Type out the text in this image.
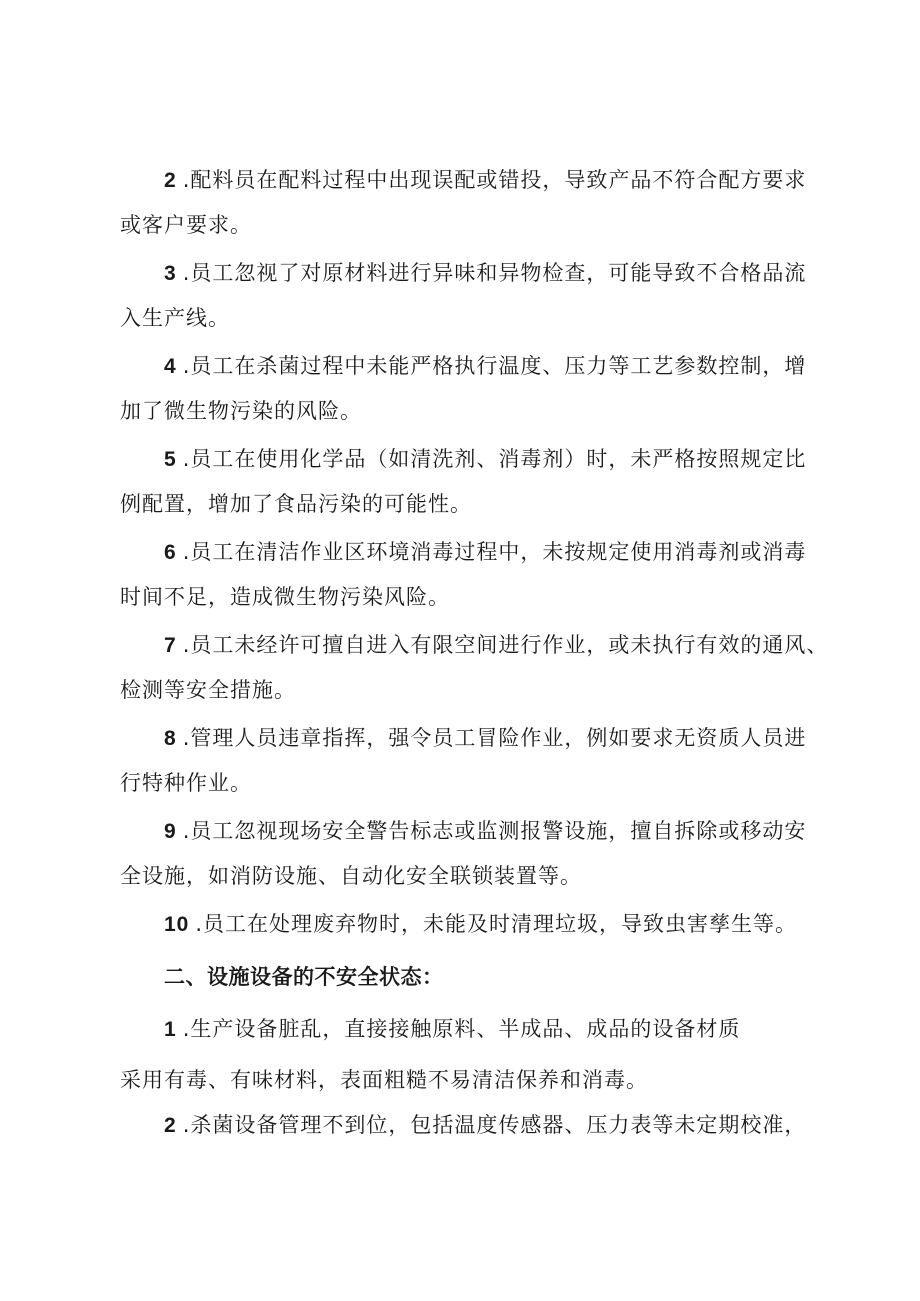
2 .配料员在配料过程中出现误配或错投，导致产品不符合配方要求
或客户要求。
3 .员工忽视了对原材料进行异味和异物检查，可能导致不合格品流
入生产线。
4 .员工在杀菌过程中未能严格执行温度、压力等工艺参数控制，增
加了微生物污染的风险。
5 .员工在使用化学品（如清洗剂、消毒剂）时，未严格按照规定比
例配置，增加了食品污染的可能性。
6 .员工在清洁作业区环境消毒过程中，未按规定使用消毒剂或消毒
时间不足，造成微生物污染风险。
7 .员工未经许可擅自进入有限空间进行作业，或未执行有效的通风、
检测等安全措施。
8 .管理人员违章指挥，强令员工冒险作业，例如要求无资质人员进
行特种作业。
9 .员工忽视现场安全警告标志或监测报警设施，擅自拆除或移动安
全设施，如消防设施、自动化安全联锁装置等。
10 .员工在处理废弃物时，未能及时清理垃圾，导致虫害孳生等。
二、设施设备的不安全状态：
1 .生产设备脏乱，直接接触原料、半成品、成品的设备材质
采用有毒、有味材料，表面粗糙不易清洁保养和消毒。
2 .杀菌设备管理不到位，包括温度传感器、压力表等未定期校准，
